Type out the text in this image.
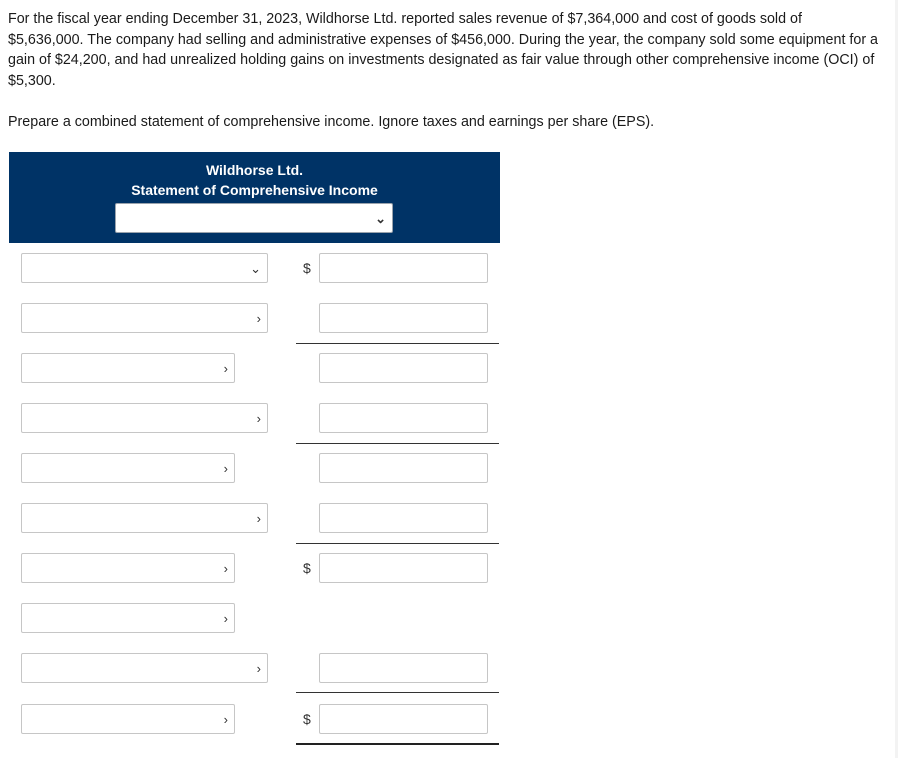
For the fiscal year ending December 31, 2023, Wildhorse Ltd. reported sales revenue of $7,364,000 and cost of goods sold of $5,636,000. The company had selling and administrative expenses of $456,000. During the year, the company sold some equipment for a gain of $24,200, and had unrealized holding gains on investments designated as fair value through other comprehensive income (OCI) of $5,300.

Prepare a combined statement of comprehensive income. Ignore taxes and earnings per share (EPS).

Wildhorse Ltd.
Statement of Comprehensive Income
⌄
⌄	$
›
›
›
›
›
›	$
›
›
›	$
